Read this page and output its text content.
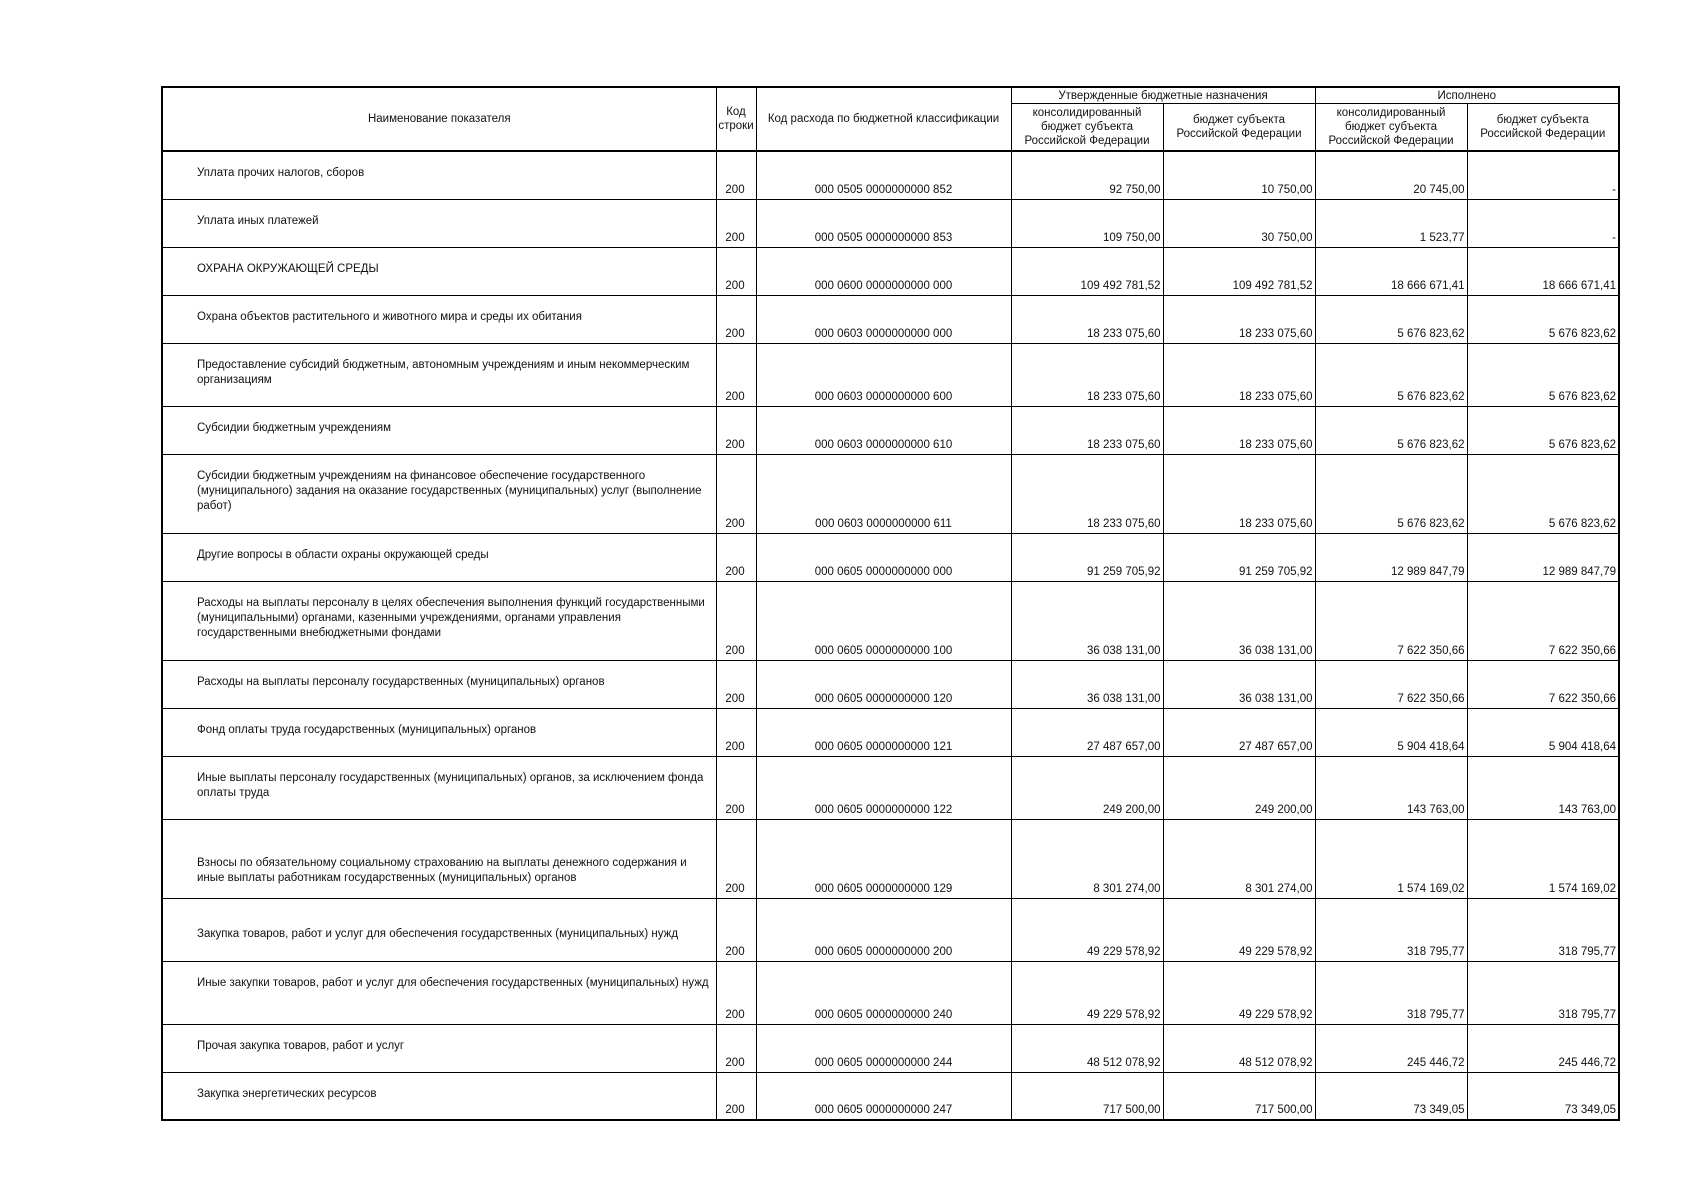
Наименование показателя	Код строки	Код расхода по бюджетной классификации	Утвержденные бюджетные назначения		Исполнено	
			консолидированный бюджет субъекта Российской Федерации	бюджет субъекта Российской Федерации	консолидированный бюджет субъекта Российской Федерации	бюджет субъекта Российской Федерации
Уплата прочих налогов, сборов	200	000 0505 0000000000 852	92 750,00	10 750,00	20 745,00	-
Уплата иных платежей	200	000 0505 0000000000 853	109 750,00	30 750,00	1 523,77	-
ОХРАНА ОКРУЖАЮЩЕЙ СРЕДЫ	200	000 0600 0000000000 000	109 492 781,52	109 492 781,52	18 666 671,41	18 666 671,41
Охрана объектов растительного и животного мира и среды их обитания	200	000 0603 0000000000 000	18 233 075,60	18 233 075,60	5 676 823,62	5 676 823,62
Предоставление субсидий бюджетным, автономным учреждениям и иным некоммерческим организациям	200	000 0603 0000000000 600	18 233 075,60	18 233 075,60	5 676 823,62	5 676 823,62
Субсидии бюджетным учреждениям	200	000 0603 0000000000 610	18 233 075,60	18 233 075,60	5 676 823,62	5 676 823,62
Субсидии бюджетным учреждениям на финансовое обеспечение государственного (муниципального) задания на оказание государственных (муниципальных) услуг (выполнение работ)	200	000 0603 0000000000 611	18 233 075,60	18 233 075,60	5 676 823,62	5 676 823,62
Другие вопросы в области охраны окружающей среды	200	000 0605 0000000000 000	91 259 705,92	91 259 705,92	12 989 847,79	12 989 847,79
Расходы на выплаты персоналу в целях обеспечения выполнения функций государственными (муниципальными) органами, казенными учреждениями, органами управления государственными внебюджетными фондами	200	000 0605 0000000000 100	36 038 131,00	36 038 131,00	7 622 350,66	7 622 350,66
Расходы на выплаты персоналу государственных (муниципальных) органов	200	000 0605 0000000000 120	36 038 131,00	36 038 131,00	7 622 350,66	7 622 350,66
Фонд оплаты труда государственных (муниципальных) органов	200	000 0605 0000000000 121	27 487 657,00	27 487 657,00	5 904 418,64	5 904 418,64
Иные выплаты персоналу государственных (муниципальных) органов, за исключением фонда оплаты труда	200	000 0605 0000000000 122	249 200,00	249 200,00	143 763,00	143 763,00
Взносы по обязательному социальному страхованию на выплаты денежного содержания и иные выплаты работникам государственных (муниципальных) органов	200	000 0605 0000000000 129	8 301 274,00	8 301 274,00	1 574 169,02	1 574 169,02
Закупка товаров, работ и услуг для обеспечения государственных (муниципальных) нужд	200	000 0605 0000000000 200	49 229 578,92	49 229 578,92	318 795,77	318 795,77
Иные закупки товаров, работ и услуг для обеспечения государственных (муниципальных) нужд	200	000 0605 0000000000 240	49 229 578,92	49 229 578,92	318 795,77	318 795,77
Прочая закупка товаров, работ и услуг	200	000 0605 0000000000 244	48 512 078,92	48 512 078,92	245 446,72	245 446,72
Закупка энергетических ресурсов	200	000 0605 0000000000 247	717 500,00	717 500,00	73 349,05	73 349,05
